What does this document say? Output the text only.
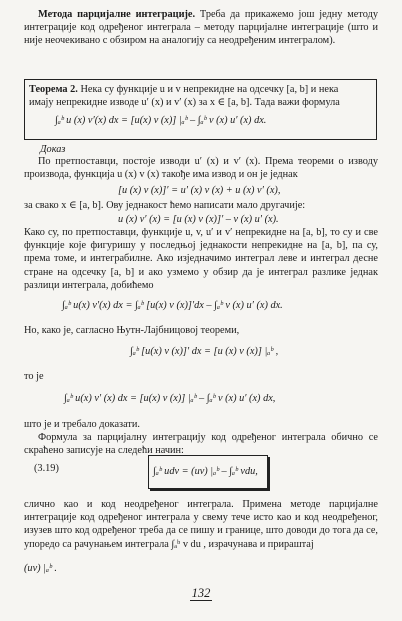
Метода парцијалне интеграције. Треба да прикажемо још једну методу интеграције код одређеног интеграла – методу парцијалне интеграције (што и није неочекивано с обзиром на аналогију са неодређеним интегралом).

Теорема 2. Нека су функције u и v непрекидне на одсечку [a, b] и нека
имају непрекидне изводе u′ (x) и v′ (x) за x ∈ [a, b]. Тада важи формула
∫ₐᵇ u (x) v′(x) dx = [u(x) v (x)] |ₐᵇ – ∫ₐᵇ v (x) u′ (x) dx.
Доказ

По претпоставци, постоје изводи u′ (x) и v′ (x). Према теореми о изводу производа, функција u (x) v (x) такође има извод и он је једнак

[u (x) v (x)]′ = u′ (x) v (x) + u (x) v′ (x),

за свако x ∈ [a, b]. Ову једнакост ћемо написати мало другачије:

u (x) v′ (x) = [u (x) v (x)]′ – v (x) u′ (x).

Како су, по претпоставци, функције u, v, u′ и v′ непрекидне на [a, b], то су и све функције које фигуришу у последњој једнакости непрекидне на [a, b], па су, према томе, и интеграбилне. Ако изједначимо интеграл лeве и интеграл десне стране на одсечку [a, b] и ако узмемо у обзир да је интеграл разлике једнак разлици интеграла, добићемо

∫ₐᵇ u(x) v′(x) dx = ∫ₐᵇ [u(x) v (x)]′dx – ∫ₐᵇ v (x) u′ (x) dx.

Но, како је, сагласно Њутн-Лајбницовој теореми,

∫ₐᵇ [u(x) v (x)]′ dx = [u (x) v (x)] |ₐᵇ ,

то је

∫ₐᵇ u(x) v′ (x) dx = [u(x) v (x)] |ₐᵇ – ∫ₐᵇ v (x) u′ (x) dx,

што је и требало доказати.

Формула за парцијалну интеграцију код одређеног интеграла обично се скраћено записује на следећи начин:

(3.19)	∫ₐᵇ udv = (uv) |ₐᵇ – ∫ₐᵇ vdu,

слично као и код неодређеног интеграла. Примена методе парцијалне интеграције код одређеног интеграла у свему тече исто као и код неодређеног, изузев што код одређеног треба да се пишу и границе, што доводи до тога да се, упоредо са рачунањем интеграла ∫ₐᵇ v du , израчунава и прираштај

(uv) |ₐᵇ .
132
